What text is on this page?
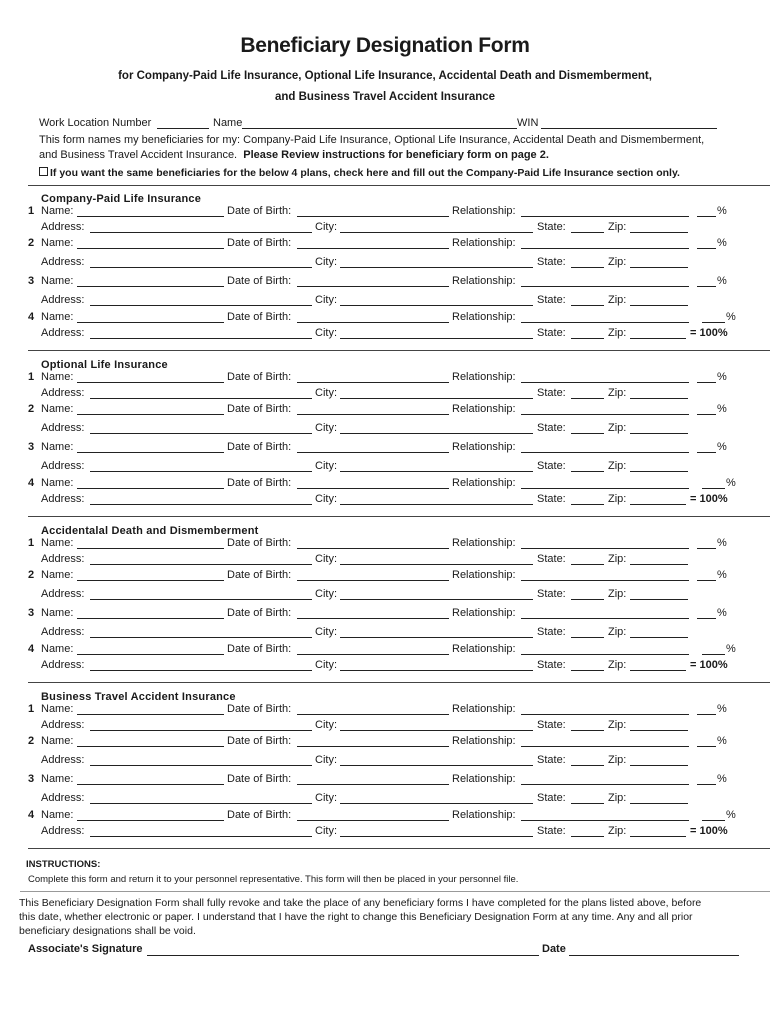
Beneficiary Designation Form
for Company-Paid Life Insurance, Optional Life Insurance, Accidental Death and Dismemberment,
and Business Travel Accident Insurance
Work Location Number	Name	WIN
This form names my beneficiaries for my: Company-Paid Life Insurance, Optional Life Insurance, Accidental Death and Dismemberment,
and Business Travel Accident Insurance. Please Review instructions for beneficiary form on page 2.
If you want the same beneficiaries for the below 4 plans, check here and fill out the Company-Paid Life Insurance section only.
Company-Paid Life Insurance
1 Name:	Date of Birth:	Relationship:	%
Address:	City:	State:	Zip:
2 Name:	Date of Birth:	Relationship:	%
Address:	City:	State:	Zip:
3 Name:	Date of Birth:	Relationship:	%
Address:	City:	State:	Zip:
4 Name:	Date of Birth:	Relationship:	%
Address:	City:	State:	Zip:	= 100%
Optional Life Insurance
1 Name:	Date of Birth:	Relationship:	%
Address:	City:	State:	Zip:
2 Name:	Date of Birth:	Relationship:	%
Address:	City:	State:	Zip:
3 Name:	Date of Birth:	Relationship:	%
Address:	City:	State:	Zip:
4 Name:	Date of Birth:	Relationship:	%
Address:	City:	State:	Zip:	= 100%
Accidentalal Death and Dismemberment
1 Name:	Date of Birth:	Relationship:	%
Address:	City:	State:	Zip:
2 Name:	Date of Birth:	Relationship:	%
Address:	City:	State:	Zip:
3 Name:	Date of Birth:	Relationship:	%
Address:	City:	State:	Zip:
4 Name:	Date of Birth:	Relationship:	%
Address:	City:	State:	Zip:	= 100%
Business Travel Accident Insurance
1 Name:	Date of Birth:	Relationship:	%
Address:	City:	State:	Zip:
2 Name:	Date of Birth:	Relationship:	%
Address:	City:	State:	Zip:
3 Name:	Date of Birth:	Relationship:	%
Address:	City:	State:	Zip:
4 Name:	Date of Birth:	Relationship:	%
Address:	City:	State:	Zip:	= 100%
INSTRUCTIONS:
Complete this form and return it to your personnel representative. This form will then be placed in your personnel file.
This Beneficiary Designation Form shall fully revoke and take the place of any beneficiary forms I have completed for the plans listed above, before
this date, whether electronic or paper. I understand that I have the right to change this Beneficiary Designation Form at any time. Any and all prior
beneficiary designations shall be void.
Associate's Signature	Date
